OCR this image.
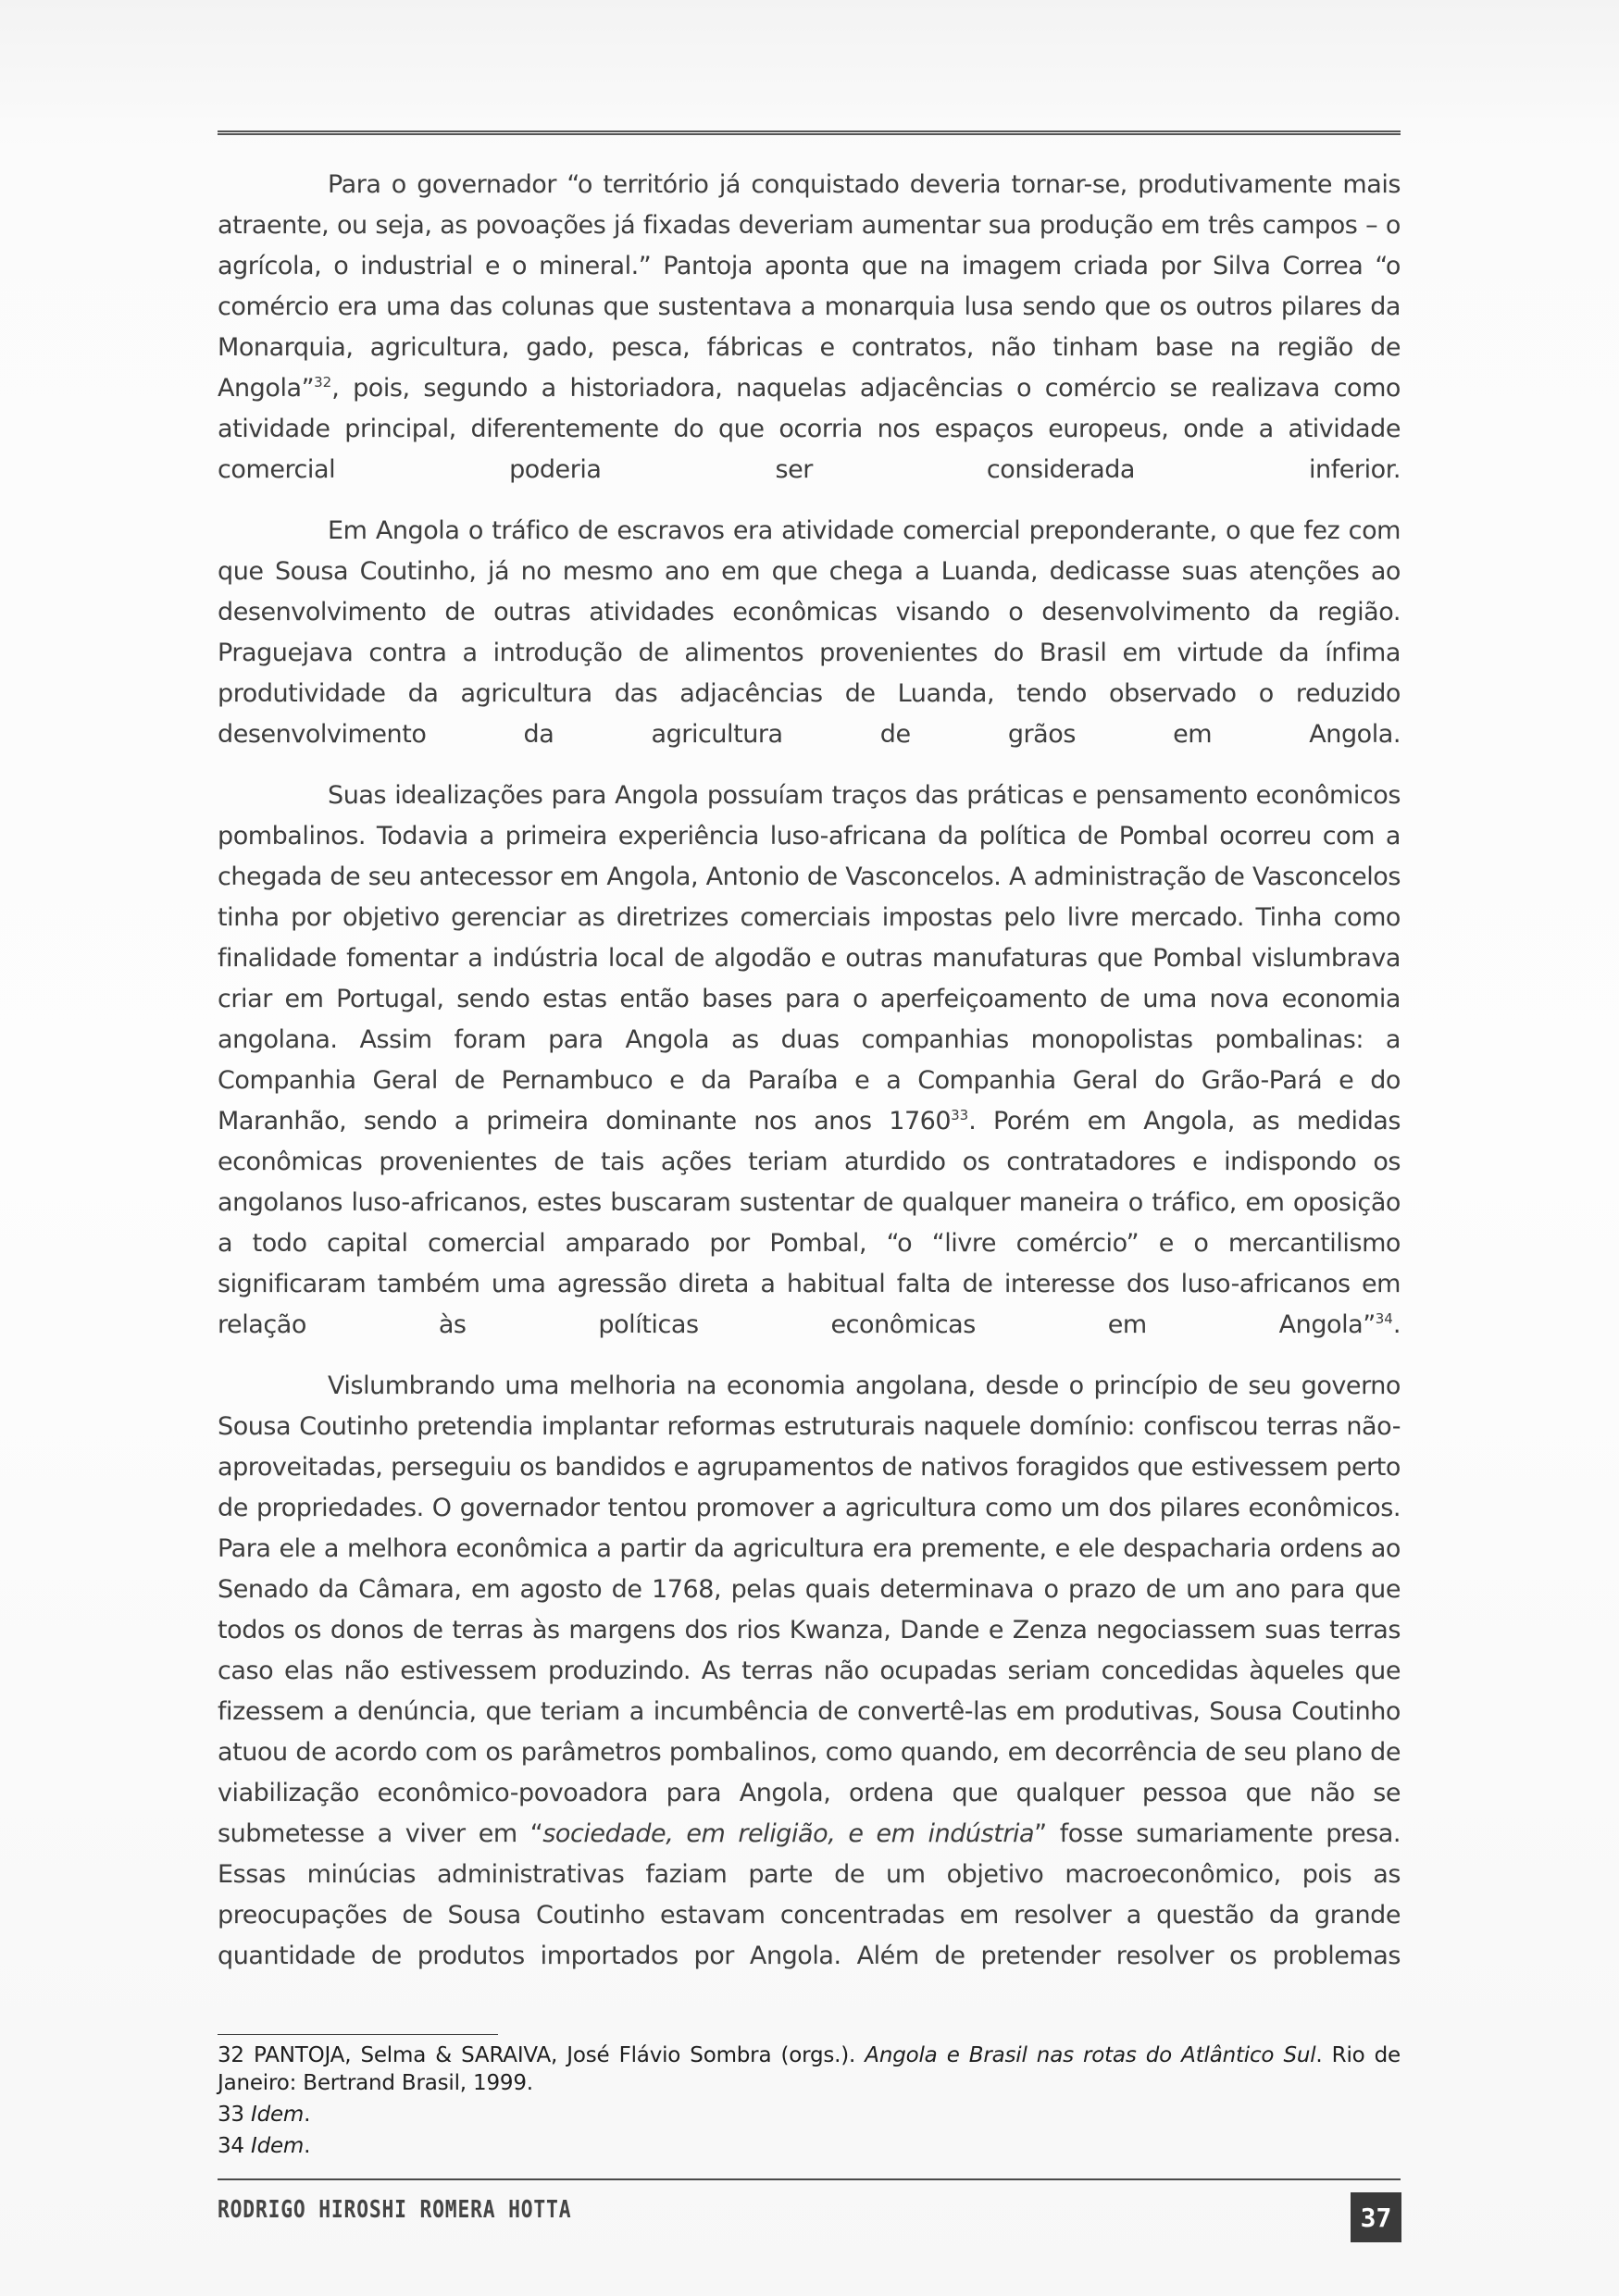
Para o governador “o território já conquistado deveria tornar-se, produtivamente mais atraente, ou seja, as povoações já fixadas deveriam aumentar sua produção em três campos – o agrícola, o industrial e o mineral.” Pantoja aponta que na imagem criada por Silva Correa “o comércio era uma das colunas que sustentava a monarquia lusa sendo que os outros pilares da Monarquia, agricultura, gado, pesca, fábricas e contratos, não tinham base na região de Angola”$^{32}$, pois, segundo a historiadora, naquelas adjacências o comércio se realizava como atividade principal, diferentemente do que ocorria nos espaços europeus, onde a atividade comercial poderia ser considerada inferior.

Em Angola o tráfico de escravos era atividade comercial preponderante, o que fez com que Sousa Coutinho, já no mesmo ano em que chega a Luanda, dedicasse suas atenções ao desenvolvimento de outras atividades econômicas visando o desenvolvimento da região. Praguejava contra a introdução de alimentos provenientes do Brasil em virtude da ínfima produtividade da agricultura das adjacências de Luanda, tendo observado o reduzido desenvolvimento da agricultura de grãos em Angola.

Suas idealizações para Angola possuíam traços das práticas e pensamento econômicos pombalinos. Todavia a primeira experiência luso-africana da política de Pombal ocorreu com a chegada de seu antecessor em Angola, Antonio de Vasconcelos. A administração de Vasconcelos tinha por objetivo gerenciar as diretrizes comerciais impostas pelo livre mercado. Tinha como finalidade fomentar a indústria local de algodão e outras manufaturas que Pombal vislumbrava criar em Portugal, sendo estas então bases para o aperfeiçoamento de uma nova economia angolana. Assim foram para Angola as duas companhias monopolistas pombalinas: a Companhia Geral de Pernambuco e da Paraíba e a Companhia Geral do Grão-Pará e do Maranhão, sendo a primeira dominante nos anos 1760$^{33}$. Porém em Angola, as medidas econômicas provenientes de tais ações teriam aturdido os contratadores e indispondo os angolanos luso-africanos, estes buscaram sustentar de qualquer maneira o tráfico, em oposição a todo capital comercial amparado por Pombal, “o “livre comércio” e o mercantilismo significaram também uma agressão direta a habitual falta de interesse dos luso-africanos em relação às políticas econômicas em Angola”$^{34}$.

Vislumbrando uma melhoria na economia angolana, desde o princípio de seu governo Sousa Coutinho pretendia implantar reformas estruturais naquele domínio: confiscou terras não-aproveitadas, perseguiu os bandidos e agrupamentos de nativos foragidos que estivessem perto de propriedades. O governador tentou promover a agricultura como um dos pilares econômicos. Para ele a melhora econômica a partir da agricultura era premente, e ele despacharia ordens ao Senado da Câmara, em agosto de 1768, pelas quais determinava o prazo de um ano para que todos os donos de terras às margens dos rios Kwanza, Dande e Zenza negociassem suas terras caso elas não estivessem produzindo. As terras não ocupadas seriam concedidas àqueles que fizessem a denúncia, que teriam a incumbência de convertê-las em produtivas, Sousa Coutinho atuou de acordo com os parâmetros pombalinos, como quando, em decorrência de seu plano de viabilização econômico-povoadora para Angola, ordena que qualquer pessoa que não se submetesse a viver em “sociedade, em religião, e em indústria” fosse sumariamente presa. Essas minúcias administrativas faziam parte de um objetivo macroeconômico, pois as preocupações de Sousa Coutinho estavam concentradas em resolver a questão da grande quantidade de produtos importados por Angola. Além de pretender resolver os problemas

32 PANTOJA, Selma & SARAIVA, José Flávio Sombra (orgs.). Angola e Brasil nas rotas do Atlântico Sul. Rio de Janeiro: Bertrand Brasil, 1999.
33 Idem.
34 Idem.
RODRIGO HIROSHI ROMERA HOTTA	37
